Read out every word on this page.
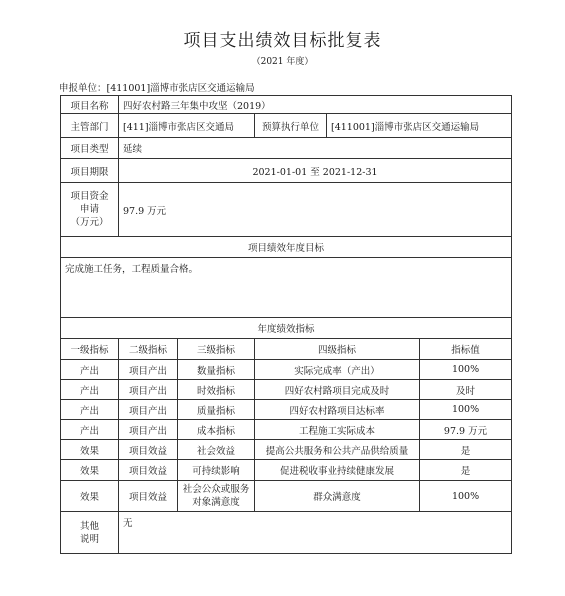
项目支出绩效目标批复表
（2021 年度）
申报单位：[411001]淄博市张店区交通运输局
项目名称	四好农村路三年集中攻坚（2019）				
主管部门	[411]淄博市张店区交通局		预算执行单位	[411001]淄博市张店区交通运输局	
项目类型	延续				
项目期限	2021-01-01 至 2021-12-31				

项目资金
申请
（万元）	97.9 万元				
项目绩效年度目标					
完成施工任务，工程质量合格。					
年度绩效指标					
一级指标	二级指标	三级指标	四级指标		指标值
产出	项目产出	数量指标	实际完成率（产出）		100%
产出	项目产出	时效指标	四好农村路项目完成及时		及时
产出	项目产出	质量指标	四好农村路项目达标率		100%
产出	项目产出	成本指标	工程施工实际成本		97.9 万元
效果	项目效益	社会效益	提高公共服务和公共产品供给质量		是
效果	项目效益	可持续影响	促进税收事业持续健康发展		是
效果	项目效益	社会公众或服务对象满意度	群众满意度		100%

其他
说明	无				
